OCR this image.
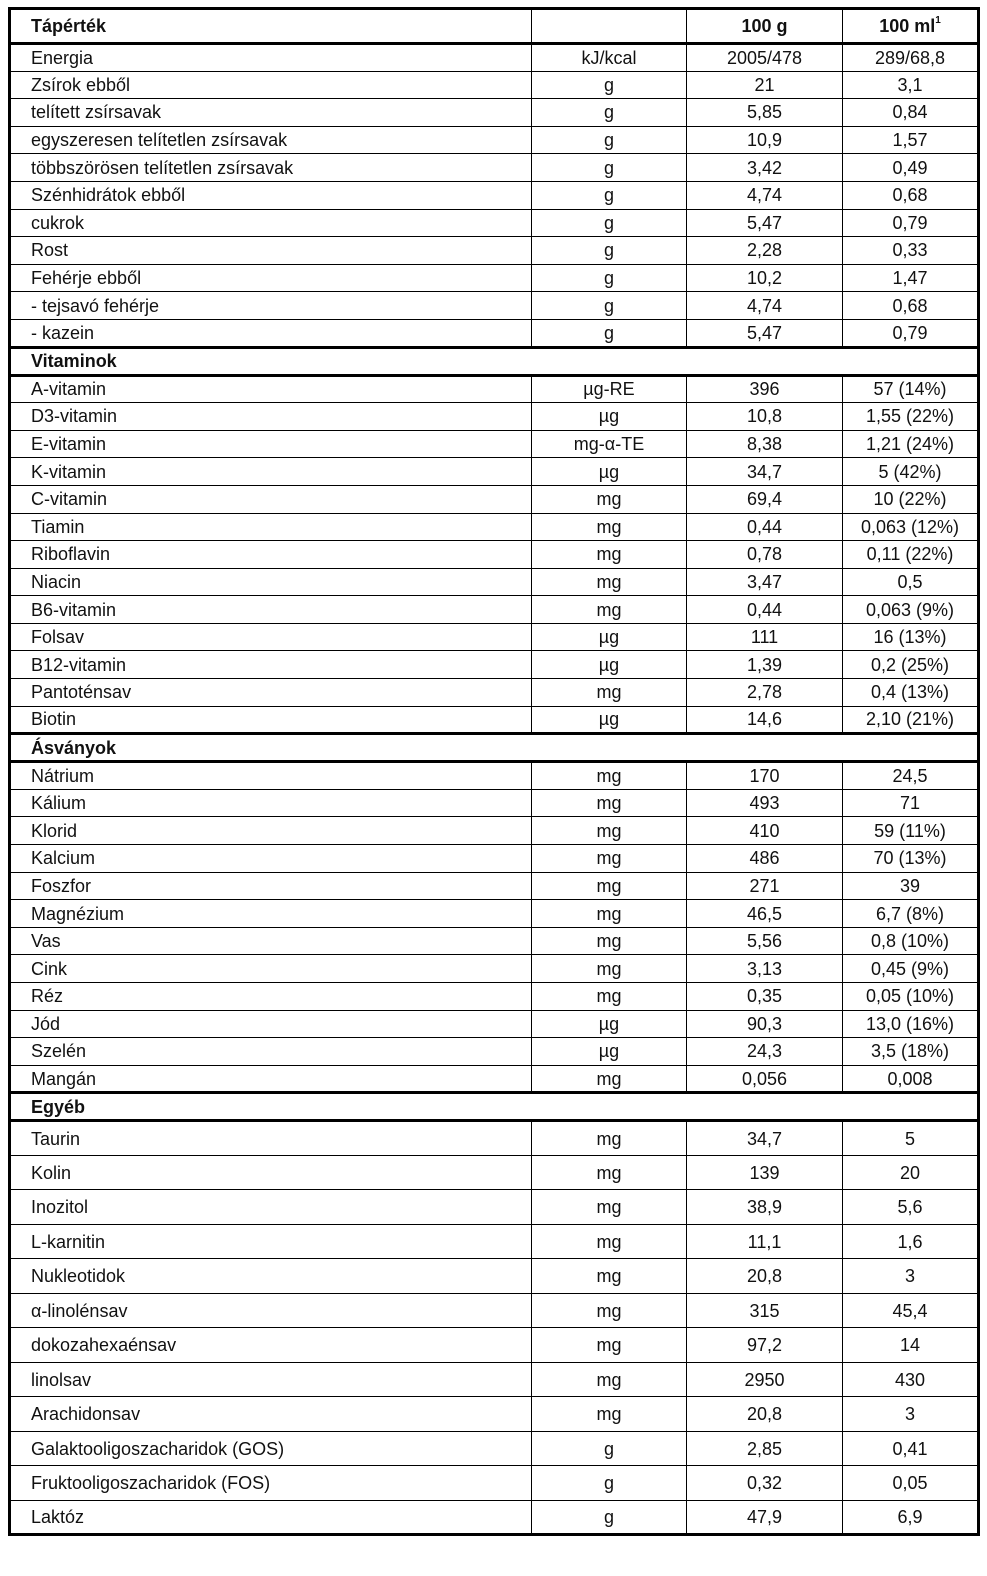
Tápérték		100 g	100 $ml^1$
Energia	kJ/kcal	2005/478	289/68,8
Zsírok ebből	g	21	3,1
telített zsírsavak	g	5,85	0,84
egyszeresen telítetlen zsírsavak	g	10,9	1,57
többszörösen telítetlen zsírsavak	g	3,42	0,49
Szénhidrátok ebből	g	4,74	0,68
cukrok	g	5,47	0,79
Rost	g	2,28	0,33
Fehérje ebből	g	10,2	1,47
- tejsavó fehérje	g	4,74	0,68
- kazein	g	5,47	0,79
Vitaminok			
A-vitamin	µg-RE	396	57 (14%)
D3-vitamin	µg	10,8	1,55 (22%)
E-vitamin	mg-α-TE	8,38	1,21 (24%)
K-vitamin	µg	34,7	5 (42%)
C-vitamin	mg	69,4	10 (22%)
Tiamin	mg	0,44	0,063 (12%)
Riboflavin	mg	0,78	0,11 (22%)
Niacin	mg	3,47	0,5
B6-vitamin	mg	0,44	0,063 (9%)
Folsav	µg	111	16 (13%)
B12-vitamin	µg	1,39	0,2 (25%)
Pantoténsav	mg	2,78	0,4 (13%)
Biotin	µg	14,6	2,10 (21%)
Ásványok			
Nátrium	mg	170	24,5
Kálium	mg	493	71
Klorid	mg	410	59 (11%)
Kalcium	mg	486	70 (13%)
Foszfor	mg	271	39
Magnézium	mg	46,5	6,7 (8%)
Vas	mg	5,56	0,8 (10%)
Cink	mg	3,13	0,45 (9%)
Réz	mg	0,35	0,05 (10%)
Jód	µg	90,3	13,0 (16%)
Szelén	µg	24,3	3,5 (18%)
Mangán	mg	0,056	0,008
Egyéb			
Taurin	mg	34,7	5
Kolin	mg	139	20
Inozitol	mg	38,9	5,6
L-karnitin	mg	11,1	1,6
Nukleotidok	mg	20,8	3
α-linolénsav	mg	315	45,4
dokozahexaénsav	mg	97,2	14
linolsav	mg	2950	430
Arachidonsav	mg	20,8	3
Galaktooligoszacharidok (GOS)	g	2,85	0,41
Fruktooligoszacharidok (FOS)	g	0,32	0,05
Laktóz	g	47,9	6,9
